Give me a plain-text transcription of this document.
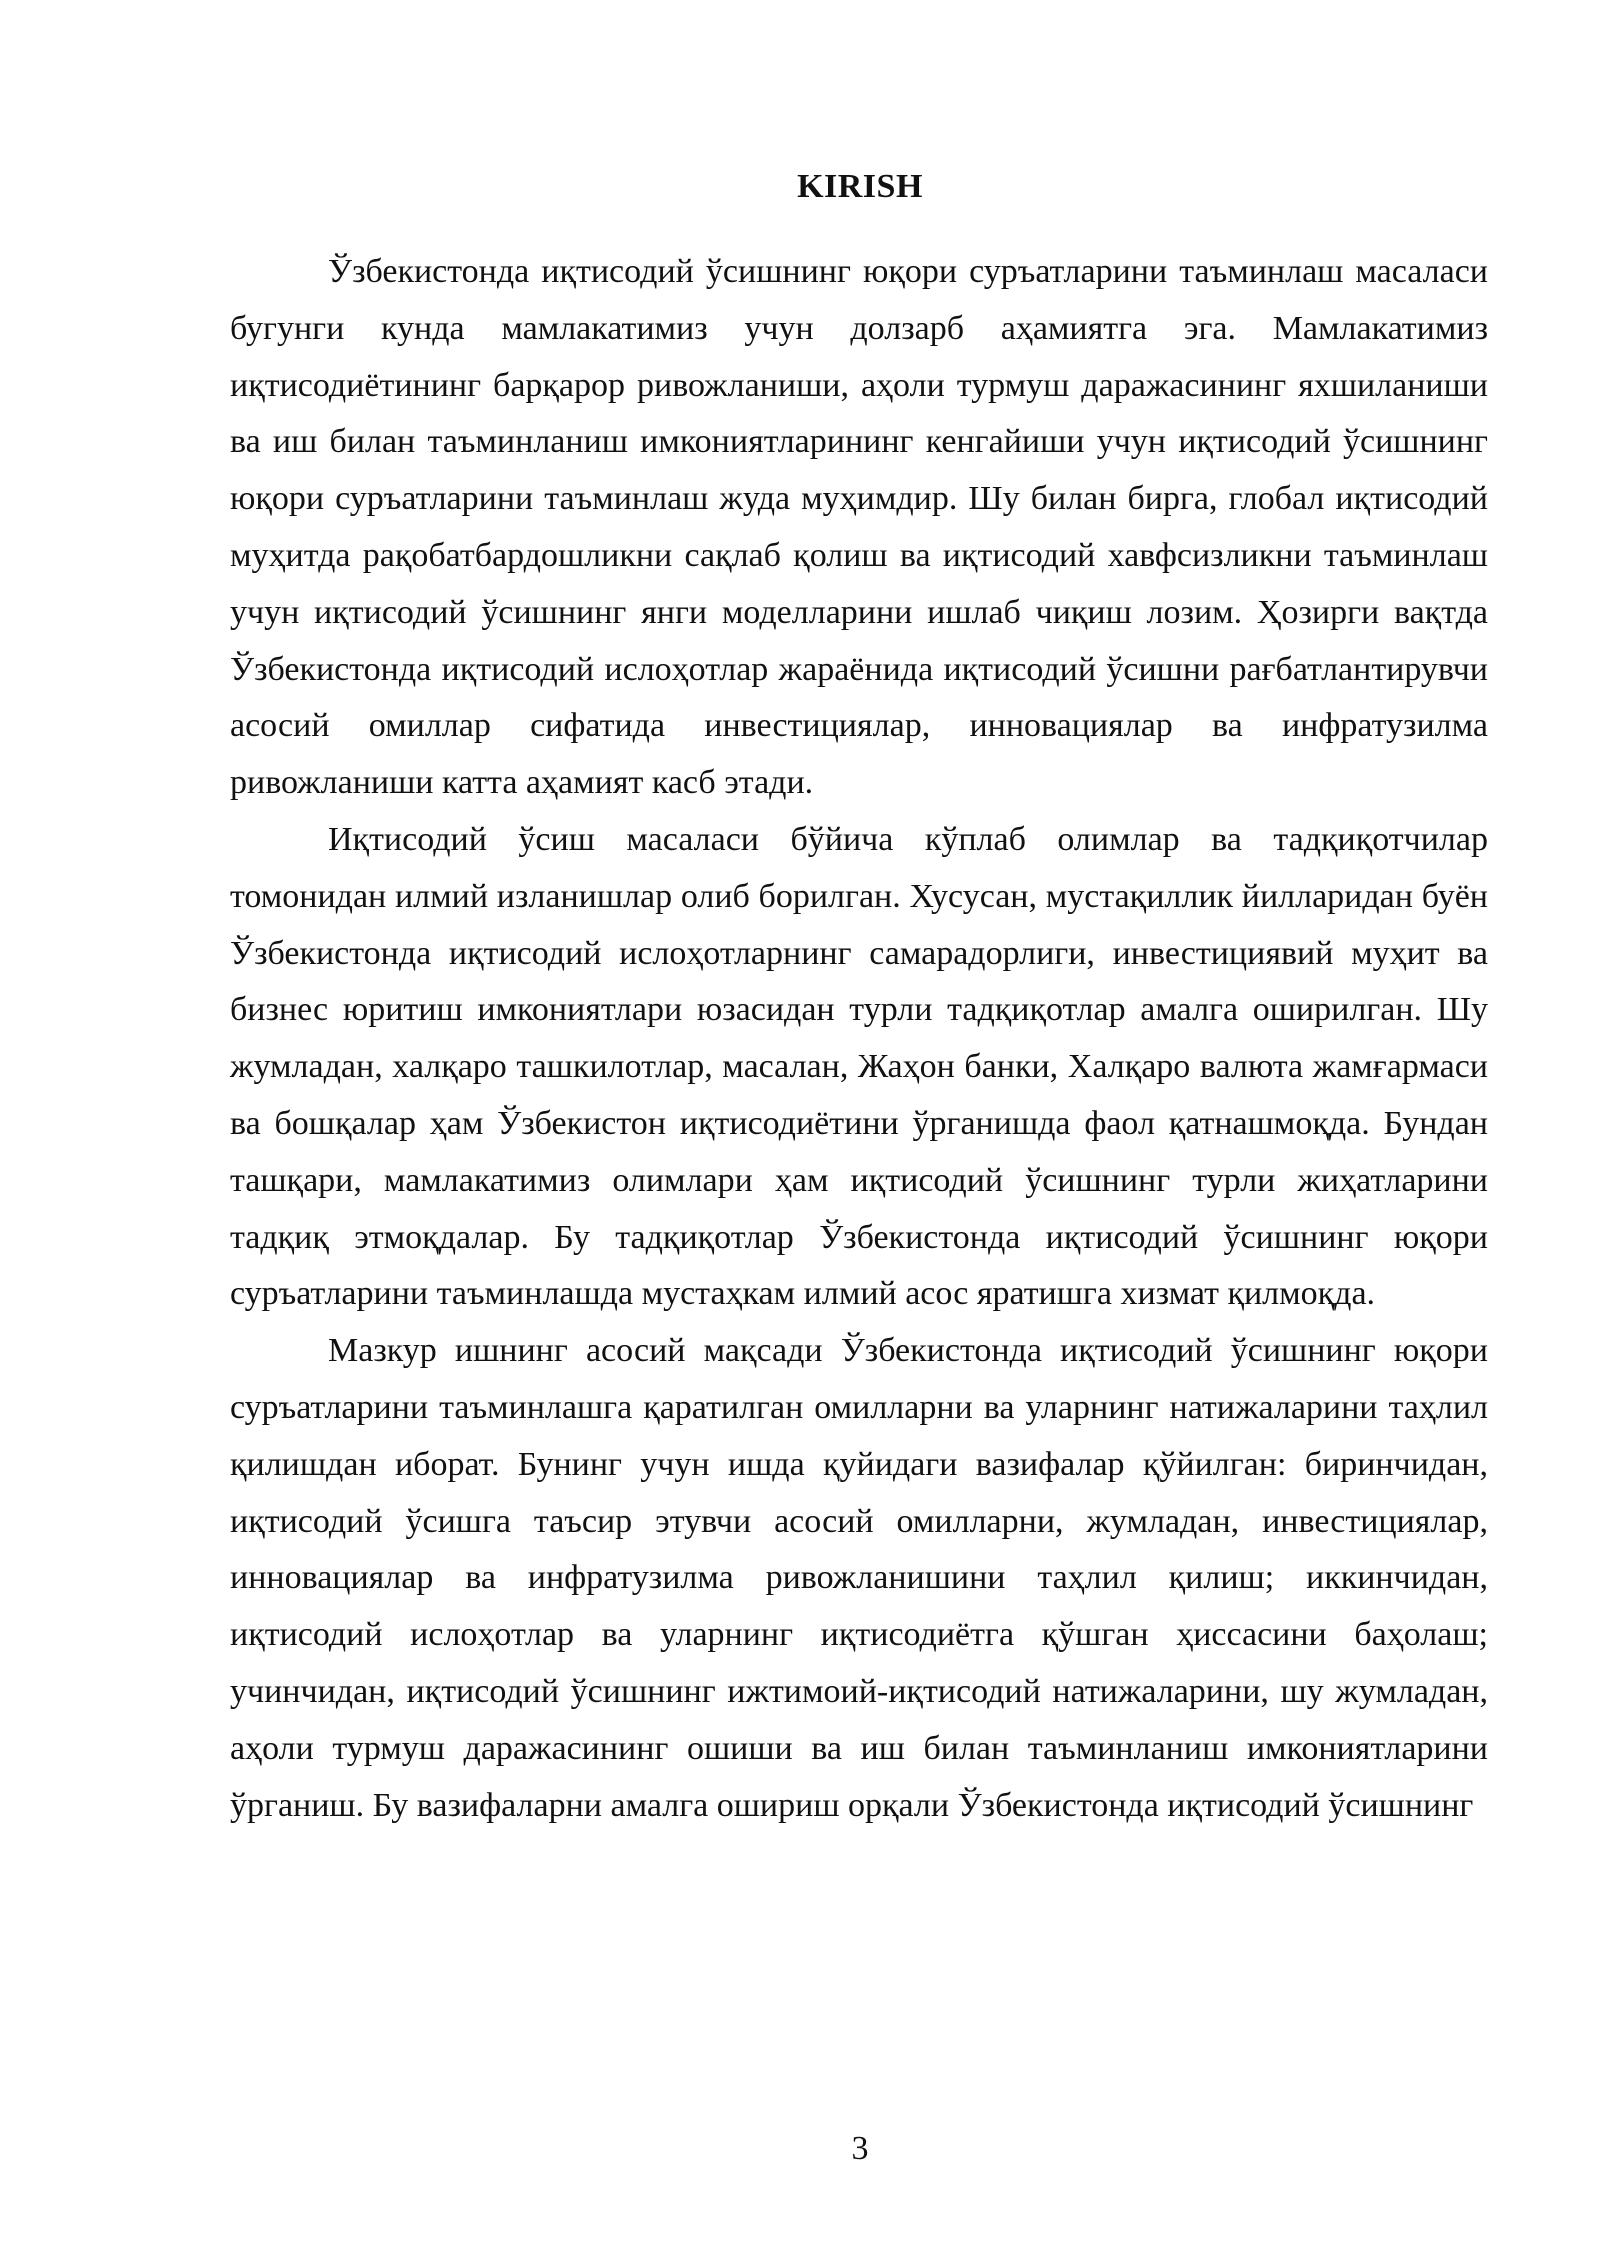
KIRISH

Ўзбекистонда иқтисодий ўсишнинг юқори суръатларини таъминлаш масаласи бугунги кунда мамлакатимиз учун долзарб аҳамиятга эга. Мамлакатимиз иқтисодиётининг барқарор ривожланиши, аҳоли турмуш даражасининг яхшиланиши ва иш билан таъминланиш имкониятларининг кенгайиши учун иқтисодий ўсишнинг юқори суръатларини таъминлаш жуда муҳимдир. Шу билан бирга, глобал иқтисодий муҳитда рақобатбардошликни сақлаб қолиш ва иқтисодий хавфсизликни таъминлаш учун иқтисодий ўсишнинг янги моделларини ишлаб чиқиш лозим. Ҳозирги вақтда Ўзбекистонда иқтисодий ислоҳотлар жараёнида иқтисодий ўсишни рағбатлантирувчи асосий омиллар сифатида инвестициялар, инновациялар ва инфратузилма ривожланиши катта аҳамият касб этади.

Иқтисодий ўсиш масаласи бўйича кўплаб олимлар ва тадқиқотчилар томонидан илмий изланишлар олиб борилган. Хусусан, мустақиллик йилларидан буён Ўзбекистонда иқтисодий ислоҳотларнинг самарадорлиги, инвестициявий муҳит ва бизнес юритиш имкониятлари юзасидан турли тадқиқотлар амалга оширилган. Шу жумладан, халқаро ташкилотлар, масалан, Жаҳон банки, Халқаро валюта жамғармаси ва бошқалар ҳам Ўзбекистон иқтисодиётини ўрганишда фаол қатнашмоқда. Бундан ташқари, мамлакатимиз олимлари ҳам иқтисодий ўсишнинг турли жиҳатларини тадқиқ этмоқдалар. Бу тадқиқотлар Ўзбекистонда иқтисодий ўсишнинг юқори суръатларини таъминлашда мустаҳкам илмий асос яратишга хизмат қилмоқда.

Мазкур ишнинг асосий мақсади Ўзбекистонда иқтисодий ўсишнинг юқори суръатларини таъминлашга қаратилган омилларни ва уларнинг натижаларини таҳлил қилишдан иборат. Бунинг учун ишда қуйидаги вазифалар қўйилган: биринчидан, иқтисодий ўсишга таъсир этувчи асосий омилларни, жумладан, инвестициялар, инновациялар ва инфратузилма ривожланишини таҳлил қилиш; иккинчидан, иқтисодий ислоҳотлар ва уларнинг иқтисодиётга қўшган ҳиссасини баҳолаш; учинчидан, иқтисодий ўсишнинг ижтимоий-иқтисодий натижаларини, шу жумладан, аҳоли турмуш даражасининг ошиши ва иш билан таъминланиш имкониятларини ўрганиш. Бу вазифаларни амалга ошириш орқали Ўзбекистонда иқтисодий ўсишнинг

3
